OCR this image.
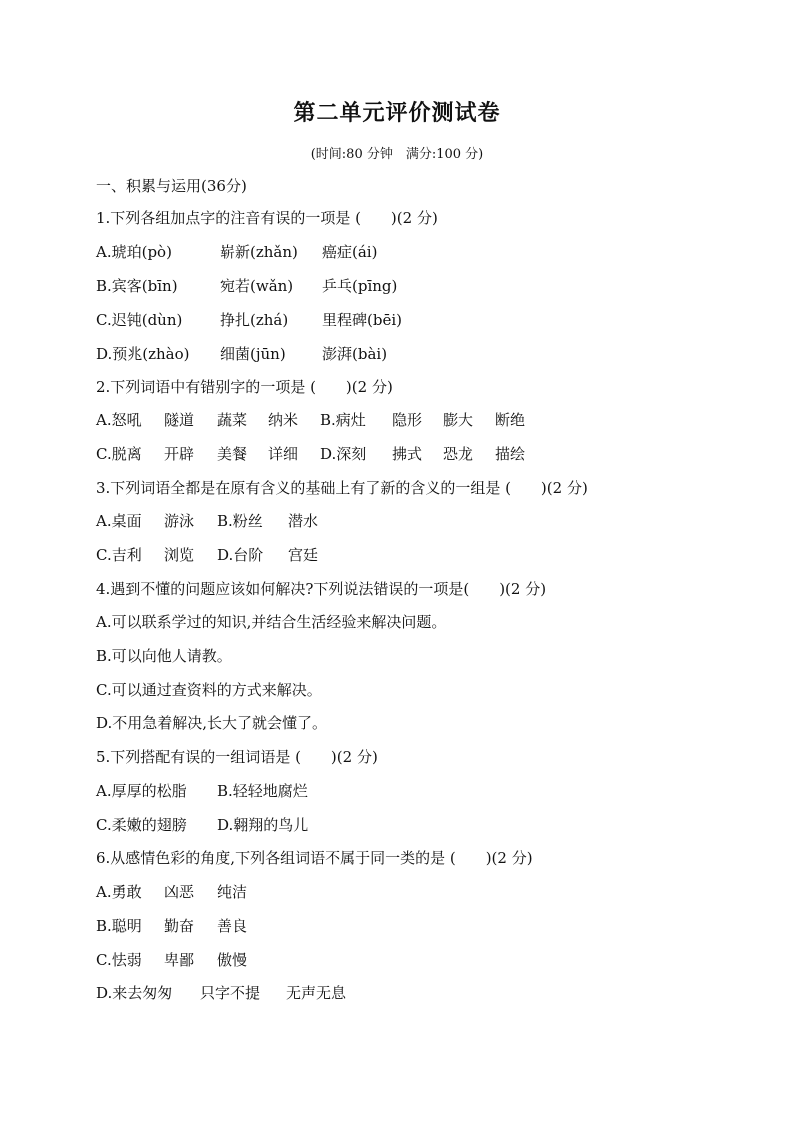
第二单元评价测试卷
(时间:80 分钟　满分:100 分)
一、积累与运用(36分)
1.下列各组加点字的注音有误的一项是 (　　)(2 分)

A.琥珀(pò)

	崭新(zhǎn)

癌症(ái)

B.宾客(bīn)

	宛若(wǎn)

乒乓(pīng)

C.迟钝(dùn)

	挣扎(zhá)

里程碑(bēi)

D.预兆(zhào)

细菌(jūn)

澎湃(bài)

2.下列词语中有错别字的一项是 (　　)(2 分)

A.怒吼

隧道

蔬菜

纳米

B.病灶

隐形

膨大

断绝

C.脱离

开辟

美餐

详细

D.深刻

拂式

恐龙

描绘

3.下列词语全都是在原有含义的基础上有了新的含义的一组是 (　　)(2 分)

A.桌面

游泳

B.粉丝

潜水

C.吉利

浏览

D.台阶

宫廷

4.遇到不懂的问题应该如何解决?下列说法错误的一项是(　　)(2 分)
A.可以联系学过的知识,并结合生活经验来解决问题。
B.可以向他人请教。
C.可以通过查资料的方式来解决。
D.不用急着解决,长大了就会懂了。
5.下列搭配有误的一组词语是 (　　)(2 分)

A.厚厚的松脂

B.轻轻地腐烂

C.柔嫩的翅膀

D.翱翔的鸟儿

6.从感情色彩的角度,下列各组词语不属于同一类的是 (　　)(2 分)

A.勇敢

凶恶

纯洁

B.聪明

勤奋

善良

C.怯弱

卑鄙

傲慢

D.来去匆匆

只字不提

无声无息
